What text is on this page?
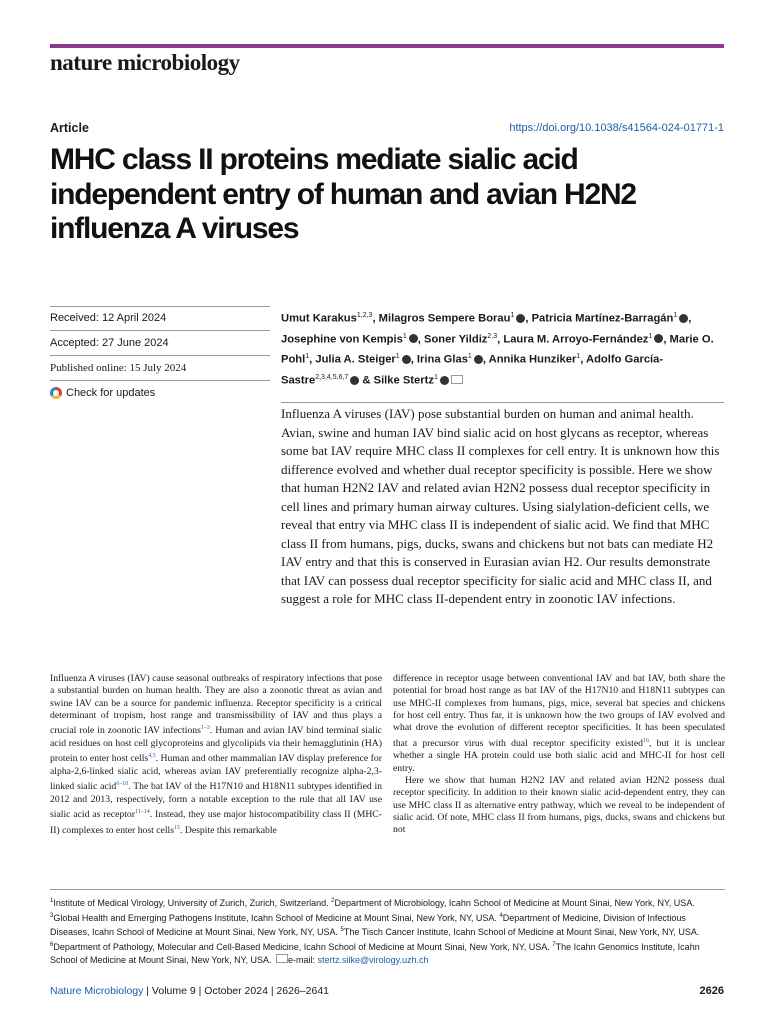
nature microbiology
Article	https://doi.org/10.1038/s41564-024-01771-1
MHC class II proteins mediate sialic acid independent entry of human and avian H2N2 influenza A viruses
Received: 12 April 2024
Accepted: 27 June 2024
Published online: 15 July 2024
Check for updates

Umut Karakus$^{1,2,3}$, Milagros Sempere Borau$^1$ , Patricia Martínez-Barragán$^1$ , Josephine von Kempis$^1$ , Soner Yildiz$^{2,3}$, Laura M. Arroyo-Fernández$^1$ , Marie O. Pohl$^1$, Julia A. Steiger$^1$ , Irina Glas$^1$ , Annika Hunziker$^1$, Adolfo García-Sastre$^{2,3,4,5,6,7}$ & Silke Stertz$^1$

Influenza A viruses (IAV) pose substantial burden on human and animal health. Avian, swine and human IAV bind sialic acid on host glycans as receptor, whereas some bat IAV require MHC class II complexes for cell entry. It is unknown how this difference evolved and whether dual receptor specificity is possible. Here we show that human H2N2 IAV and related avian H2N2 possess dual receptor specificity in cell lines and primary human airway cultures. Using sialylation-deficient cells, we reveal that entry via MHC class II is independent of sialic acid. We find that MHC class II from humans, pigs, ducks, swans and chickens but not bats can mediate H2 IAV entry and that this is conserved in Eurasian avian H2. Our results demonstrate that IAV can possess dual receptor specificity for sialic acid and MHC class II, and suggest a role for MHC class II-dependent entry in zoonotic IAV infections.

Influenza A viruses (IAV) cause seasonal outbreaks of respiratory infections that pose a substantial burden on human health. They are also a zoonotic threat as avian and swine IAV can be a source for pandemic influenza. Receptor specificity is a critical determinant of tropism, host range and transmissibility of IAV and thus plays a crucial role in zoonotic IAV infections$^{1-3}$. Human and avian IAV bind terminal sialic acid residues on host cell glycoproteins and glycolipids via their hemagglutinin (HA) protein to enter host cells$^{4,5}$. Human and other mammalian IAV display preference for alpha-2,6-linked sialic acid, whereas avian IAV preferentially recognize alpha-2,3-linked sialic acid$^{6-10}$. The bat IAV of the H17N10 and H18N11 subtypes identified in 2012 and 2013, respectively, form a notable exception to the rule that all IAV use sialic acid as receptor$^{11-14}$. Instead, they use major histocompatibility class II (MHC-II) complexes to enter host cells$^{15}$. Despite this remarkable

difference in receptor usage between conventional IAV and bat IAV, both share the potential for broad host range as bat IAV of the H17N10 and H18N11 subtypes can use MHC-II complexes from humans, pigs, mice, several bat species and chickens for host cell entry. Thus far, it is unknown how the two groups of IAV evolved and what drove the evolution of different receptor specificities. It has been speculated that a precursor virus with dual receptor specificity existed$^{16}$, but it is unclear whether a single HA protein could use both sialic acid and MHC-II for host cell entry.
Here we show that human H2N2 IAV and related avian H2N2 possess dual receptor specificity. In addition to their known sialic acid-dependent entry, they can use MHC class II as alternative entry pathway, which we reveal to be independent of sialic acid. Of note, MHC class II from humans, pigs, ducks, swans and chickens but not

$^1$Institute of Medical Virology, University of Zurich, Zurich, Switzerland. $^2$Department of Microbiology, Icahn School of Medicine at Mount Sinai, New York, NY, USA. $^3$Global Health and Emerging Pathogens Institute, Icahn School of Medicine at Mount Sinai, New York, NY, USA. $^4$Department of Medicine, Division of Infectious Diseases, Icahn School of Medicine at Mount Sinai, New York, NY, USA. $^5$The Tisch Cancer Institute, Icahn School of Medicine at Mount Sinai, New York, NY, USA. $^6$Department of Pathology, Molecular and Cell-Based Medicine, Icahn School of Medicine at Mount Sinai, New York, NY, USA. $^7$The Icahn Genomics Institute, Icahn School of Medicine at Mount Sinai, New York, NY, USA. e-mail: stertz.silke@virology.uzh.ch

Nature Microbiology | Volume 9 | October 2024 | 2626–2641	2626
